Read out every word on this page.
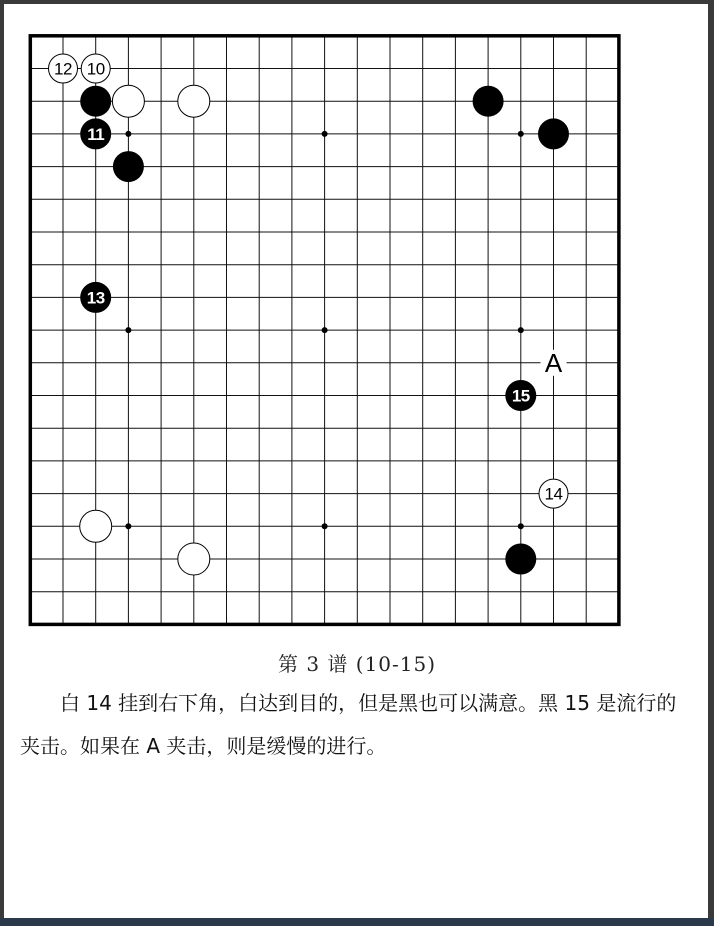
11
13
15
14
12 10
A
第 3 谱 (10-15)

白 14 挂到右下角，白达到目的，但是黑也可以满意。黑 15 是流行的夹击。如果在 A 夹击，则是缓慢的进行。
